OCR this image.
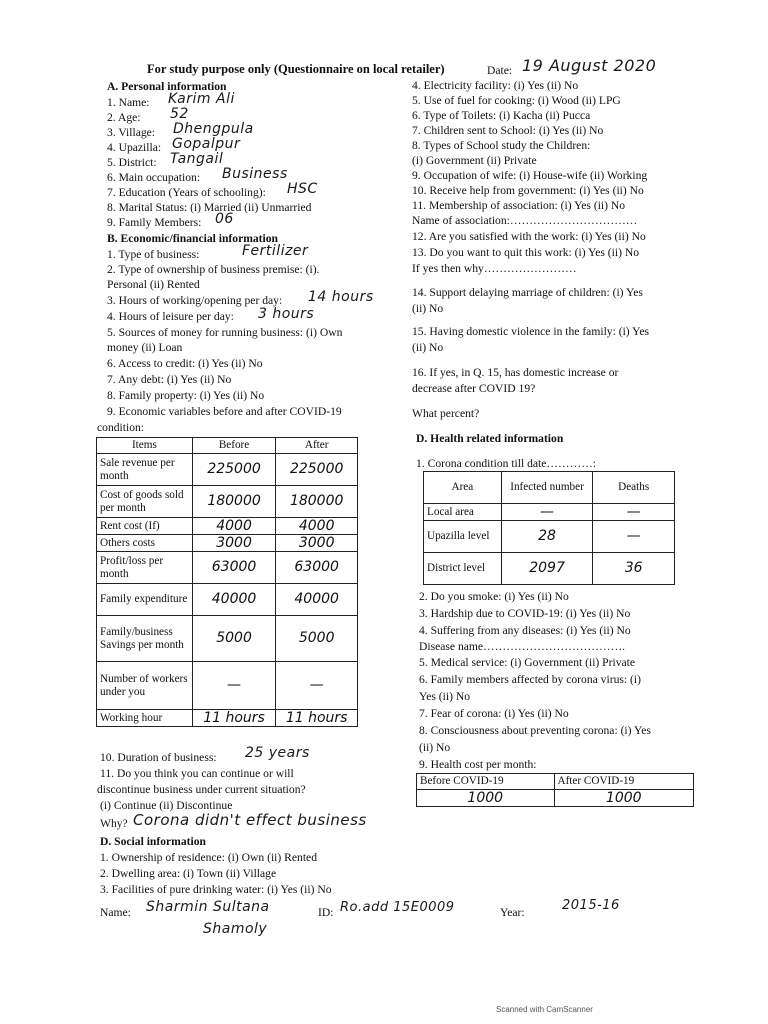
For study purpose only (Questionnaire on local retailer)	Date: 19 August 2020
A. Personal information
1. Name: Karim Ali
2. Age: 52
3. Village: Dhengpula
4. Upazilla: Gopalpur
5. District: Tangail
6. Main occupation: Business
7. Education (Years of schooling): HSC
8. Marital Status: (i) Married (ii) Unmarried
9. Family Members: 06
B. Economic/financial information
1. Type of business:	Fertilizer
2. Type of ownership of business premise: (i).
Personal (ii) Rented
3. Hours of working/opening per day: 14 hours
4. Hours of leisure per day: 3 hours
5. Sources of money for running business: (i) Own
money (ii) Loan
6. Access to credit: (i) Yes (ii) No
7. Any debt: (i) Yes (ii) No
8. Family property: (i) Yes (ii) No
9. Economic variables before and after COVID-19
condition:
Items	Before	After
Sale revenue per month	225000	225000
Cost of goods sold per month	180000	180000
Rent cost (If)	4000	4000
Others costs	3000	3000
Profit/loss per month	63000	63000
Family expenditure	40000	40000
Family/business Savings per month	5000	5000
Number of workers under you	—	—
Working hour	11 hours	11 hours
10. Duration of business: 25 years
11. Do you think you can continue or will
discontinue business under current situation?
(i) Continue (ii) Discontinue
Why? Corona didn't effect business
D. Social information
1. Ownership of residence: (i) Own (ii) Rented
2. Dwelling area: (i) Town (ii) Village
3. Facilities of pure drinking water: (i) Yes (ii) No
Name: Sharmin Sultana
Shamoly
ID: Ro.add 15E0009	Year:	2015-16
4. Electricity facility: (i) Yes (ii) No
5. Use of fuel for cooking: (i) Wood (ii) LPG
6. Type of Toilets: (i) Kacha (ii) Pucca
7. Children sent to School: (i) Yes (ii) No
8. Types of School study the Children:
(i) Government (ii) Private
9. Occupation of wife: (i) House-wife (ii) Working
10. Receive help from government: (i) Yes (ii) No
11. Membership of association: (i) Yes (ii) No
Name of association:……………………………
12. Are you satisfied with the work: (i) Yes (ii) No
13. Do you want to quit this work: (i) Yes (ii) No
If yes then why……………………
14. Support delaying marriage of children: (i) Yes
(ii) No
15. Having domestic violence in the family: (i) Yes
(ii) No
16. If yes, in Q. 15, has domestic increase or
decrease after COVID 19?
What percent?
D. Health related information
1. Corona condition till date…………:
Area	Infected number	Deaths
Local area	—	—
Upazilla level	28	—
District level	2097	36
2. Do you smoke: (i) Yes (ii) No
3. Hardship due to COVID-19: (i) Yes (ii) No
4. Suffering from any diseases: (i) Yes (ii) No
Disease name……………………………….
5. Medical service: (i) Government (ii) Private
6. Family members affected by corona virus: (i)
Yes (ii) No
7. Fear of corona: (i) Yes (ii) No
8. Consciousness about preventing corona: (i) Yes
(ii) No
9. Health cost per month:
Before COVID-19	After COVID-19
1000	1000
Scanned with CamScanner
